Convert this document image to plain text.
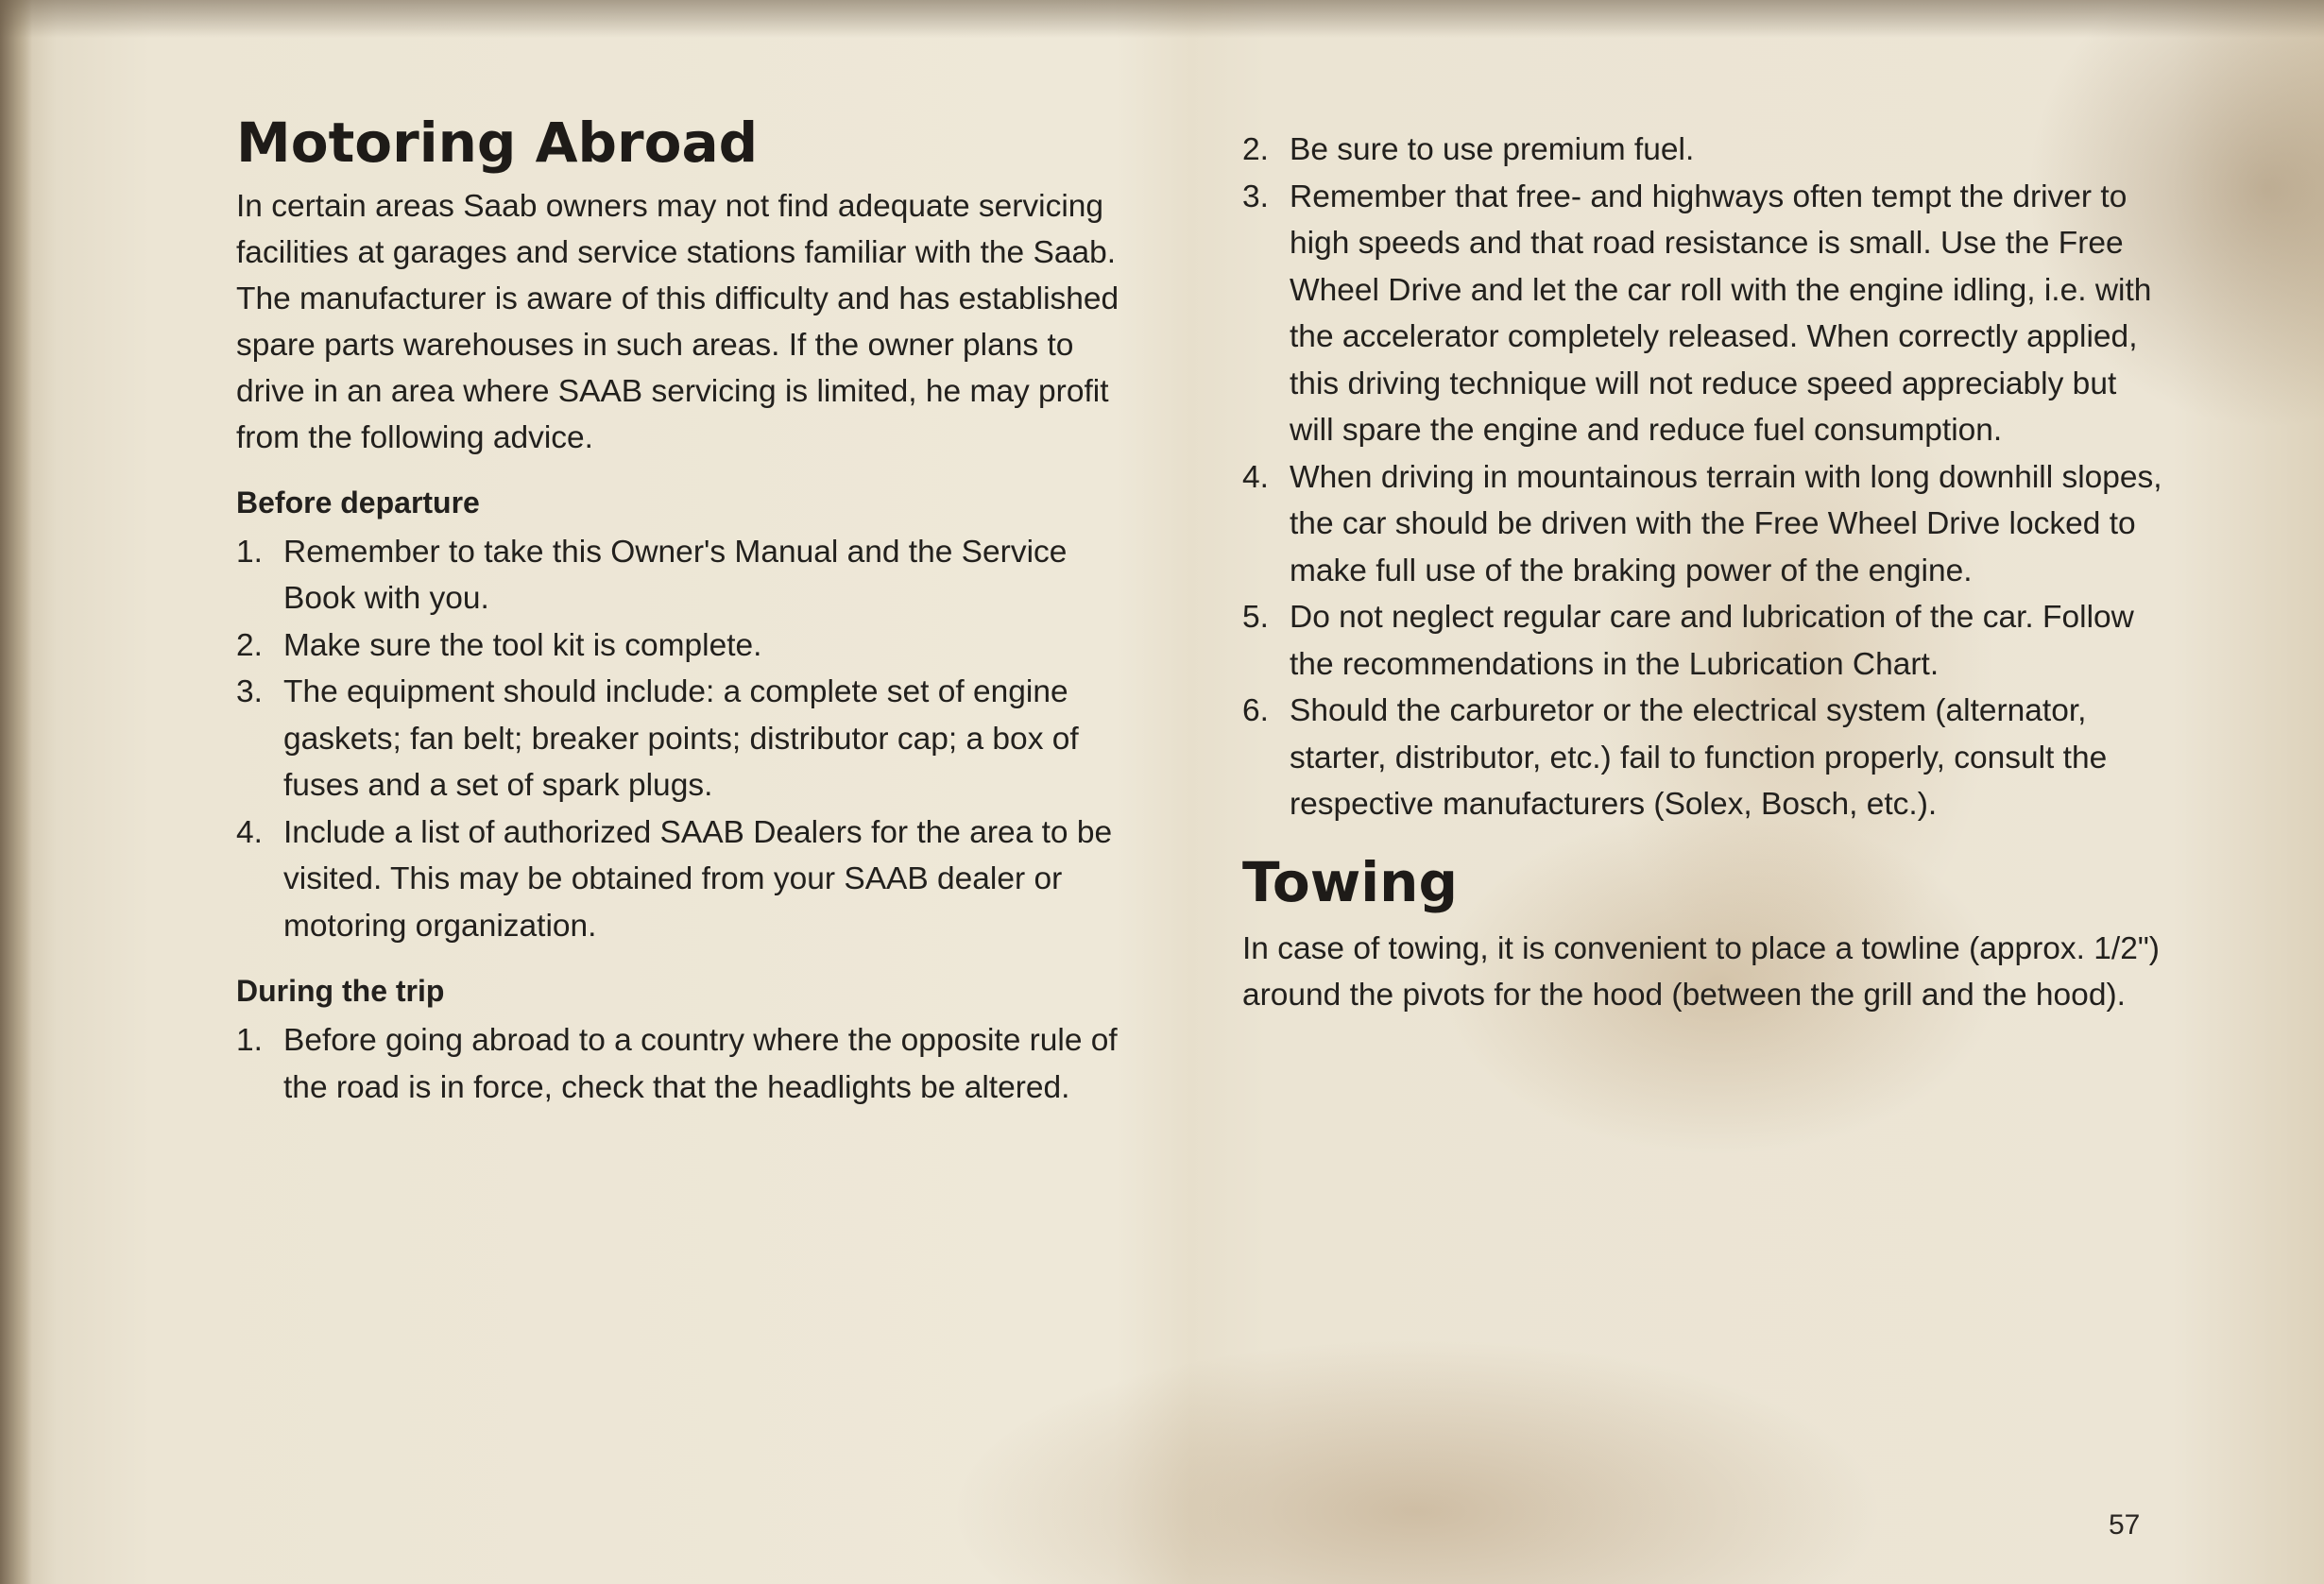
Motoring Abroad

In certain areas Saab owners may not find adequate servicing facilities at garages and service stations familiar with the Saab. The manufacturer is aware of this difficulty and has established spare parts warehouses in such areas. If the owner plans to drive in an area where SAAB servicing is limited, he may profit from the following advice.

Before departure
1. Remember to take this Owner's Manual and the Service Book with you.
2. Make sure the tool kit is complete.
3. The equipment should include: a complete set of engine gaskets; fan belt; breaker points; distributor cap; a box of fuses and a set of spark plugs.
4. Include a list of authorized SAAB Dealers for the area to be visited. This may be obtained from your SAAB dealer or motoring organization.
During the trip
1. Before going abroad to a country where the opposite rule of the road is in force, check that the headlights be altered.
2. Be sure to use premium fuel.
3. Remember that free- and highways often tempt the driver to high speeds and that road resistance is small. Use the Free Wheel Drive and let the car roll with the engine idling, i.e. with the accelerator completely released. When correctly applied, this driving technique will not reduce speed appreciably but will spare the engine and reduce fuel consumption.
4. When driving in mountainous terrain with long downhill slopes, the car should be driven with the Free Wheel Drive locked to make full use of the braking power of the engine.
5. Do not neglect regular care and lubrication of the car. Follow the recommendations in the Lubrication Chart.
6. Should the carburetor or the electrical system (alternator, starter, distributor, etc.) fail to function properly, consult the respective manufacturers (Solex, Bosch, etc.).
Towing

In case of towing, it is convenient to place a towline (approx. 1/2") around the pivots for the hood (between the grill and the hood).

57
